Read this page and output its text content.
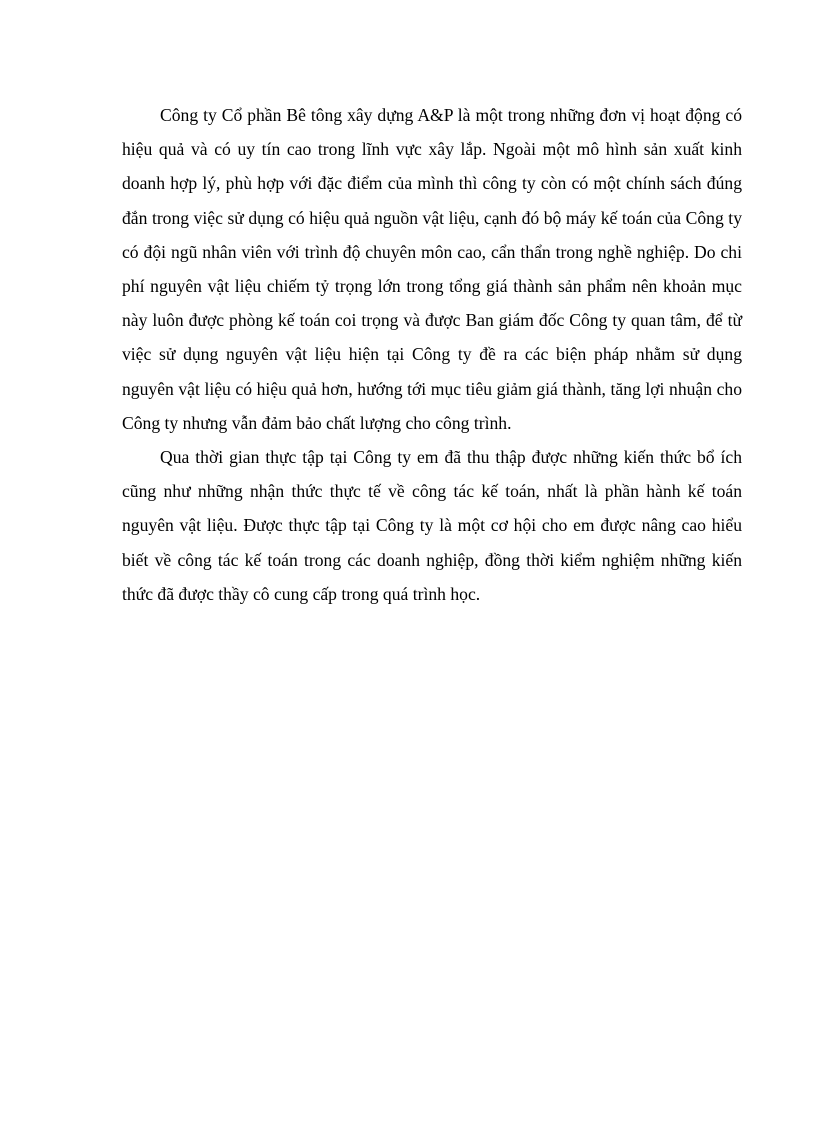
Công ty Cổ phần Bê tông xây dựng A&P là một trong những đơn vị hoạt động có hiệu quả và có uy tín cao trong lĩnh vực xây lắp. Ngoài một mô hình sản xuất kinh doanh hợp lý, phù hợp với đặc điểm của mình thì công ty còn có một chính sách đúng đắn trong việc sử dụng có hiệu quả nguồn vật liệu, cạnh đó bộ máy kế toán của Công ty có đội ngũ nhân viên với trình độ chuyên môn cao, cẩn thẩn trong nghề nghiệp. Do chi phí nguyên vật liệu chiếm tỷ trọng lớn trong tổng giá thành sản phẩm nên khoản mục này luôn được phòng kế toán coi trọng và được Ban giám đốc Công ty quan tâm, để từ việc sử dụng nguyên vật liệu hiện tại Công ty đề ra các biện pháp nhằm sử dụng nguyên vật liệu có hiệu quả hơn, hướng tới mục tiêu giảm giá thành, tăng lợi nhuận cho Công ty nhưng vẫn đảm bảo chất lượng cho công trình.

Qua thời gian thực tập tại Công ty em đã thu thập được những kiến thức bổ ích cũng như những nhận thức thực tế về công tác kế toán, nhất là phần hành kế toán nguyên vật liệu. Được thực tập tại Công ty là một cơ hội cho em được nâng cao hiểu biết về công tác kế toán trong các doanh nghiệp, đồng thời kiểm nghiệm những kiến thức đã được thầy cô cung cấp trong quá trình học.
